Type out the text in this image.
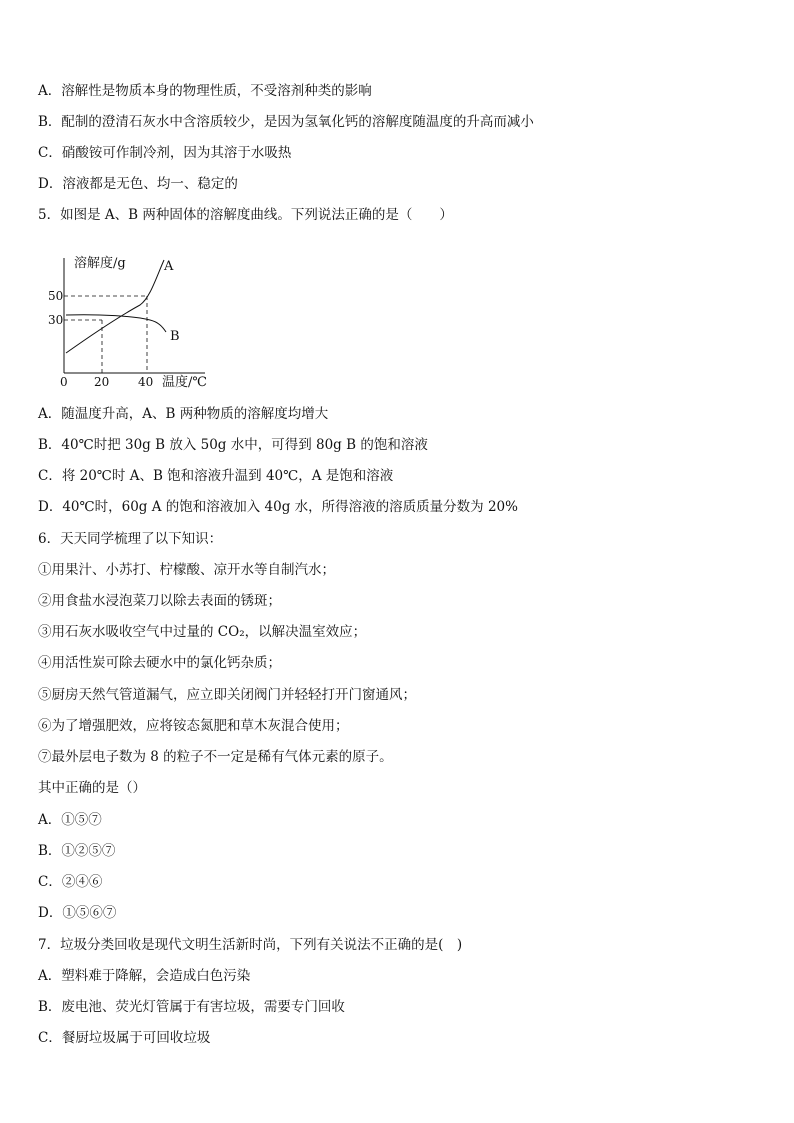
A．溶解性是物质本身的物理性质，不受溶剂种类的影响
B．配制的澄清石灰水中含溶质较少，是因为氢氧化钙的溶解度随温度的升高而减小
C．硝酸铵可作制冷剂，因为其溶于水吸热
D．溶液都是无色、均一、稳定的
5．如图是 A、B 两种固体的溶解度曲线。下列说法正确的是（　　）
溶解度/g
温度/℃
50
30
0 20 40
A
B
A．随温度升高，A、B 两种物质的溶解度均增大
B．40℃时把 30g B 放入 50g 水中，可得到 80g B 的饱和溶液
C．将 20℃时 A、B 饱和溶液升温到 40℃，A 是饱和溶液
D．40℃时，60g A 的饱和溶液加入 40g 水，所得溶液的溶质质量分数为 20%
6．天天同学梳理了以下知识：
①用果汁、小苏打、柠檬酸、凉开水等自制汽水；
②用食盐水浸泡菜刀以除去表面的锈斑；
③用石灰水吸收空气中过量的 CO₂，以解决温室效应；
④用活性炭可除去硬水中的氯化钙杂质；
⑤厨房天然气管道漏气，应立即关闭阀门并轻轻打开门窗通风；
⑥为了增强肥效，应将铵态氮肥和草木灰混合使用；
⑦最外层电子数为 8 的粒子不一定是稀有气体元素的原子。
其中正确的是（）
A．①⑤⑦
B．①②⑤⑦
C．②④⑥
D．①⑤⑥⑦
7．垃圾分类回收是现代文明生活新时尚，下列有关说法不正确的是(　)
A．塑料难于降解，会造成白色污染
B．废电池、荧光灯管属于有害垃圾，需要专门回收
C．餐厨垃圾属于可回收垃圾
